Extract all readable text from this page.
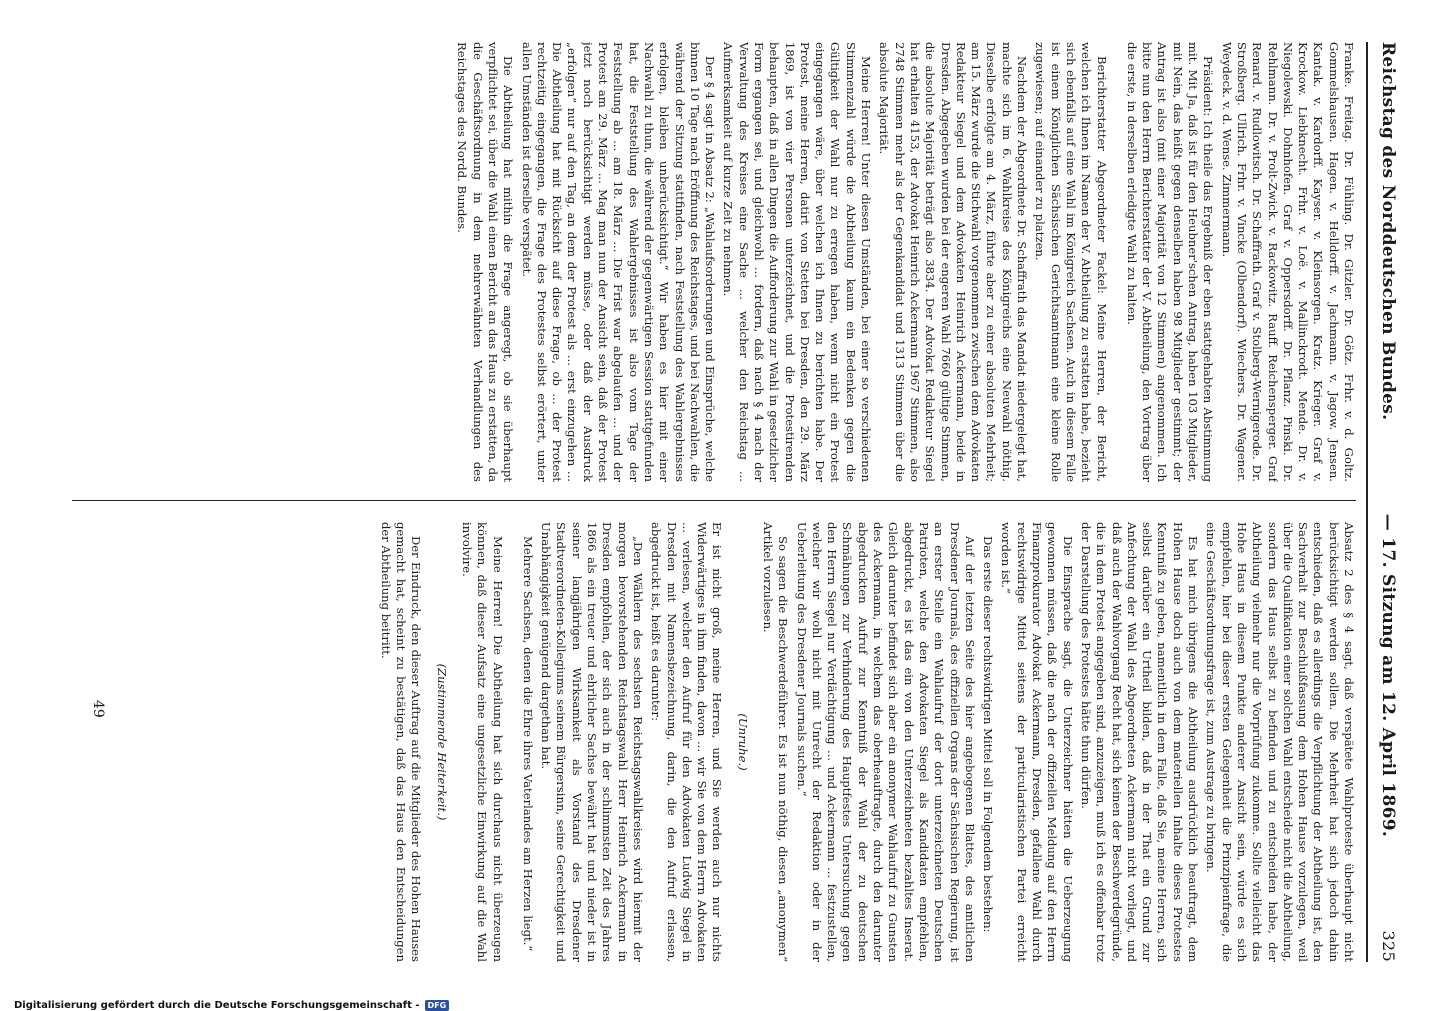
Reichstag des Norddeutschen Bundes.
— 17. Sitzung am 12. April 1869.
325

Franke. Freitag. Dr. Fühling. Dr. Gitzler. Dr. Götz. Frhr. v. d. Goltz. Gommelshausen. Hagen. v. Helldorff. v. Jachmann. v. Jagow. Jensen. Kantak. v. Kardorff. Kayser. v. Kleinsorgen. Kratz. Krieger. Graf v. Krockow. Liebknecht. Frhr. v. Loë. v. Mallinckrodt. Mende. Dr. v. Niegolewski. Dohnhofen. Graf v. Oppersdorff. Dr. Pflanz. Pinski. Dr. Rehlmann. Dr. v. Prolt-Zwick. v. Rackowitz. Rauff. Reichensperger. Graf Renard. v. Rudlowitsch. Dr. Schaffrath. Graf v. Stolberg-Wernigerode. Dr. Stroßberg. Ullrich. Frhr. v. Vincke (Olbendorf). Wiechers. Dr. Wagener. Weydeck. v. d. Wense. Zimmermann.

Präsident: Ich theile das Ergebniß der eben stattgehabten Abstimmung mit. Mit Ja, daß ist für den Heubner'schen Antrag, haben 103 Mitglieder, mit Nein, das heißt gegen denselben haben 98 Mitglieder gestimmt; der Antrag ist also (mit einer Majorität von 12 Stimmen) angenommen. Ich bitte nun den Herrn Berichterstatter der V. Abtheilung, den Vortrag über die erste, in derselben erledigte Wahl zu halten.

Berichterstatter Abgeordneter Fackel: Meine Herren, der Bericht, welchen ich Ihnen im Namen der V. Abtheilung zu erstatten habe, bezieht sich ebenfalls auf eine Wahl im Königreich Sachsen. Auch in diesem Falle ist einem Königlichen Sächsischen Gerichtsamtmann eine kleine Rolle zugewiesen; auf einander zu platzen.

Nachdem der Abgeordnete Dr. Schaffrath das Mandat niedergelegt hat, machte sich im 6. Wahlkreise des Königreichs eine Neuwahl nöthig. Dieselbe erfolgte am 4. März, führte aber zu einer absoluten Mehrheit; am 15. März wurde die Stichwahl vorgenommen zwischen dem Advokaten Redakteur Siegel und dem Advokaten Heinrich Ackermann, beide in Dresden. Abgegeben wurden bei der engeren Wahl 7660 gültige Stimmen, die absolute Majorität beträgt also 3834. Der Advokat Redakteur Siegel hat erhalten 4153, der Advokat Heinrich Ackermann 1967 Stimmen, also 2748 Stimmen mehr als der Gegenkandidat und 1313 Stimmen über die absolute Majorität.

Meine Herren! Unter diesen Umständen, bei einer so verschiedenen Stimmenzahl würde die Abtheilung kaum ein Bedenken gegen die Gültigkeit der Wahl nur zu erregen haben, wenn nicht ein Protest eingegangen wäre, über welchen ich Ihnen zu berichten habe. Der Protest, meine Herren, datirt von Stetten bei Dresden, den 29. März 1869, ist von vier Personen unterzeichnet, und die Protestirenden behaupten, daß in allen Dingen die Aufforderung zur Wahl in gesetzlicher Form ergangen sei, und gleichwohl ... fordern, daß nach § 4 nach der Verwaltung des Kreises eine Sache ... welcher den Reichstag ... Aufmerksamkeit auf kurze Zeit zu nehmen.

Der § 4 sagt in Absatz 2: „Wahlaufsorderungen und Einsprüche, welche binnen 10 Tage nach Eröffnung des Reichstages, und bei Nachwahlen, die während der Sitzung stattfinden, nach Feststellung des Wahlergebnisses erfolgen, bleiben unberücksichtigt.“ Wir haben es hier mit einer Nachwahl zu thun, die während der gegenwärtigen Session stattgefunden hat, die Feststellung des Wahlergebnisses ist also vom Tage der Feststellung ab ... am 18. März ... Die Frist war abgelaufen ... und der Protest am 29. März ... Mag man nun der Ansicht sein, daß der Protest jetzt noch berücksichtigt werden müsse, oder daß der Ausdruck „erfolgen“ nur auf den Tag, an dem der Protest als ... erst einzugehen ... Die Abtheilung hat mit Rücksicht auf diese Frage, ob ... der Protest rechtzeitig eingegangen, die Frage des Protestes selbst erörtert, unter allen Umständen ist derselbe verspätet.

Die Abtheilung hat mithin die Frage angeregt, ob sie überhaupt verpflichtet sei, über die Wahl einen Bericht an das Haus zu erstatten, da die Geschäftsordnung in dem mehrerwähnten Verhandlungen des Reichstages des Nordd. Bundes.

Absatz 2 des § 4 sagt, daß verspätete Wahlproteste überhaupt nicht berücksichtigt werden sollen. Die Mehrheit hat sich jedoch dahin entschieden, daß es allerdings die Verpflichtung der Abtheilung ist, den Sachverhalt zur Beschlußfassung dem Hohen Hause vorzulegen, weil über die Qualifikation einer solchen Wahl entscheide nicht die Abtheilung, sondern das Haus selbst zu befinden und zu entscheiden habe, der Abtheilung vielmehr nur die Vorprüfung zukomme. Sollte vielleicht das Hohe Haus in diesem Punkte anderer Ansicht sein, würde es sich empfehlen, hier bei dieser ersten Gelegenheit die Prinzipienfrage, die eine Geschäftsordnungsfrage ist, zum Austrage zu bringen.

Es hat mich übrigens die Abtheilung ausdrücklich beauftragt, dem Hohen Hause doch auch von dem materiellen Inhalte dieses Protestes Kenntniß zu geben, namentlich in dem Falle, daß Sie, meine Herren, sich selbst darüber ein Urtheil bilden, daß in der That ein Grund zur Anfechtung der Wahl des Abgeordneten Ackermann nicht vorliegt, und daß auch der Wahlvorgang Recht hat, sich keinen der Beschwerdegründe, die in dem Protest angegeben sind, anzuzeigen, muß ich es offenbar trotz der Darstellung des Protestes hätte thun dürfen.

Die Einsprache sagt, die Unterzeichner hätten die Ueberzeugung gewonnen müssen, daß die nach der offiziellen Meldung auf den Herrn Finanzprokurator Advokat Ackermann, Dresden, gefallene Wahl durch rechtswidrige Mittel seitens der particularistischen Partei erreicht worden ist.“

Das erste dieser rechtswidrigen Mittel soll in Folgendem bestehen:

Auf der letzten Seite des hier angebogenen Blattes, des amtlichen Dresdener Journals, des offiziellen Organs der Sächsischen Regierung, ist an erster Stelle ein Wahlaufruf der dort unterzeichneten Deutschen Patrioten, welche den Advokaten Siegel als Kandidaten empfehlen, abgedruckt, es ist das ein von den Unterzeichneten bezahltes Inserat. Gleich darunter befindet sich aber ein anonymer Wahlaufruf zu Gunsten des Ackermann, in welchem das oberheauftragte, durch den darunter abgedruckten Aufruf zur Kenntniß der Wahl der zu deutschen Schmähungen zur Verhinderung des Hauptfestes Untersuchung gegen den Herrn Siegel nur Verdächtigung ... und Ackermann ... festzustellen, welcher wir wohl nicht mit Unrecht der Redaktion oder in der Ueberleitung des Dresdener Journals suchen.“

So sagen die Beschwerdeführer. Es ist nun nöthig, diesen „anonymen“ Artikel vorzulesen.

(Unruhe.)

Er ist nicht groß, meine Herren, und Sie werden auch nur nichts Widerwärtiges in ihm finden, davon ... wir Sie von dem Herrn Advokaten ... verlesen, welcher den Aufruf für den Advokaten Ludwig Siegel in Dresden mit Namensbezeichnung, darin, die den Aufruf erlassen, abgedruckt ist, heißt es darunter:

„Den Wählern des sechsten Reichstagswahlkreises wird hiermit der morgen bevorstehenden Reichstagswahl Herr Heinrich Ackermann in Dresden empfohlen, der sich auch in der schlimmsten Zeit des Jahres 1866 als ein treuer und ehrlicher Sachse bewährt hat und nieder ist in seiner langjährigen Wirksamkeit als Vorstand des Dresdener Stadtverordneten-Kollegiums seinem Bürgersinn, seine Gerechtigkeit und Unabhängigkeit genügend dargethan hat.

Mehrere Sachsen, denen die Ehre ihres Vaterlandes am Herzen liegt.“

Meine Herren! Die Abtheilung hat sich durchaus nicht überzeugen können, daß dieser Aufsatz eine ungesetzliche Einwirkung auf die Wahl involvire.

(Zustimmende Heiterkeit.)

Der Eindruck, den dieser Auftrag auf die Mitglieder des Hohen Hauses gemacht hat, scheint zu bestätigen, daß das Haus den Entscheidungen der Abtheilung beitritt.

49
Digitalisierung gefördert durch die Deutsche Forschungsgemeinschaft - DFG
